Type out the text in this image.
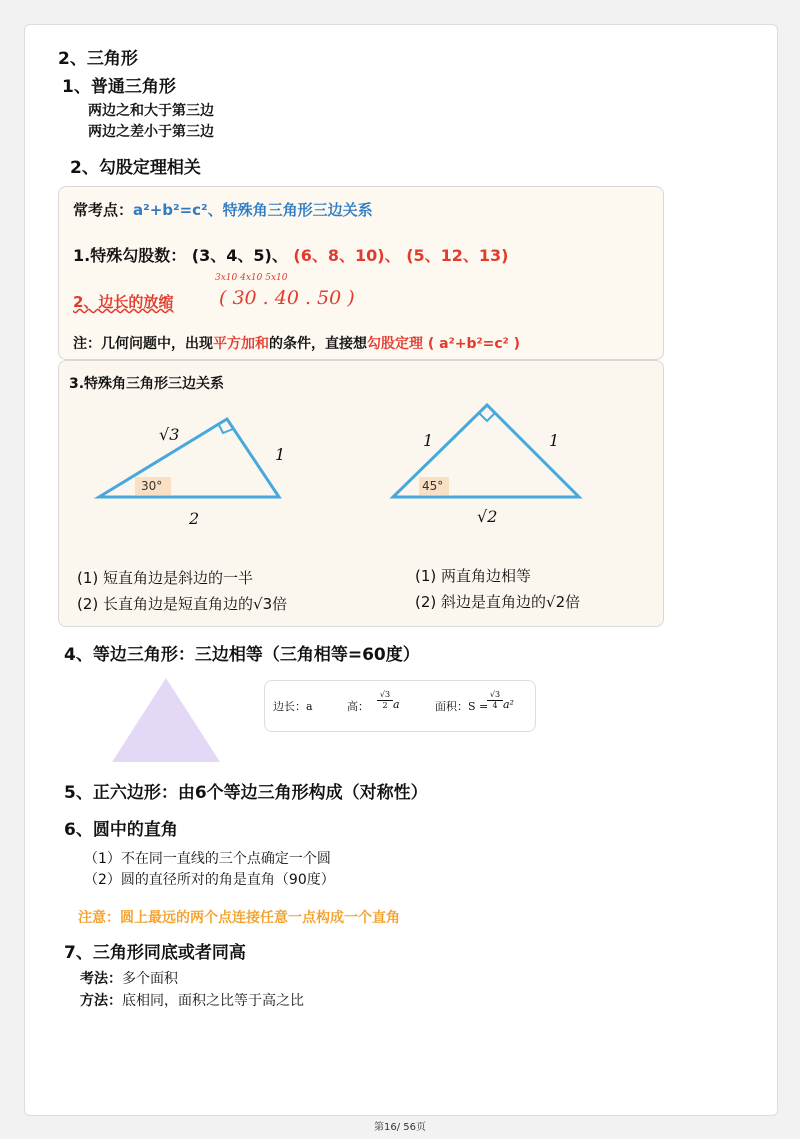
2、三角形
1、普通三角形
两边之和大于第三边
两边之差小于第三边
2、勾股定理相关
常考点：a²+b²=c²、特殊角三角形三边关系
1.特殊勾股数： (3、4、5)、 (6、8、10)、 (5、12、13)
2、边长的放缩
3x10 4x10 5x10
( 30 . 40 . 50 )
注：几何问题中，出现平方加和的条件，直接想勾股定理 ( a²+b²=c² )
3.特殊角三角形三边关系
√3
1
2
30°
1	1
√2
45°
(1) 短直角边是斜边的一半
(2) 长直角边是短直角边的√3倍
(1) 两直角边相等
(2) 斜边是直角边的√2倍
4、等边三角形：三边相等（三角相等=60度）
边长：a	高： $\frac{√3}{2}$ a	面积：S =
$\frac{√3}{4} a^2$
5、正六边形：由6个等边三角形构成（对称性）
6、圆中的直角
（1）不在同一直线的三个点确定一个圆
（2）圆的直径所对的角是直角（90度）
注意：圆上最远的两个点连接任意一点构成一个直角
7、三角形同底或者同高
考法：多个面积
方法：底相同，面积之比等于高之比
第16/ 56页
